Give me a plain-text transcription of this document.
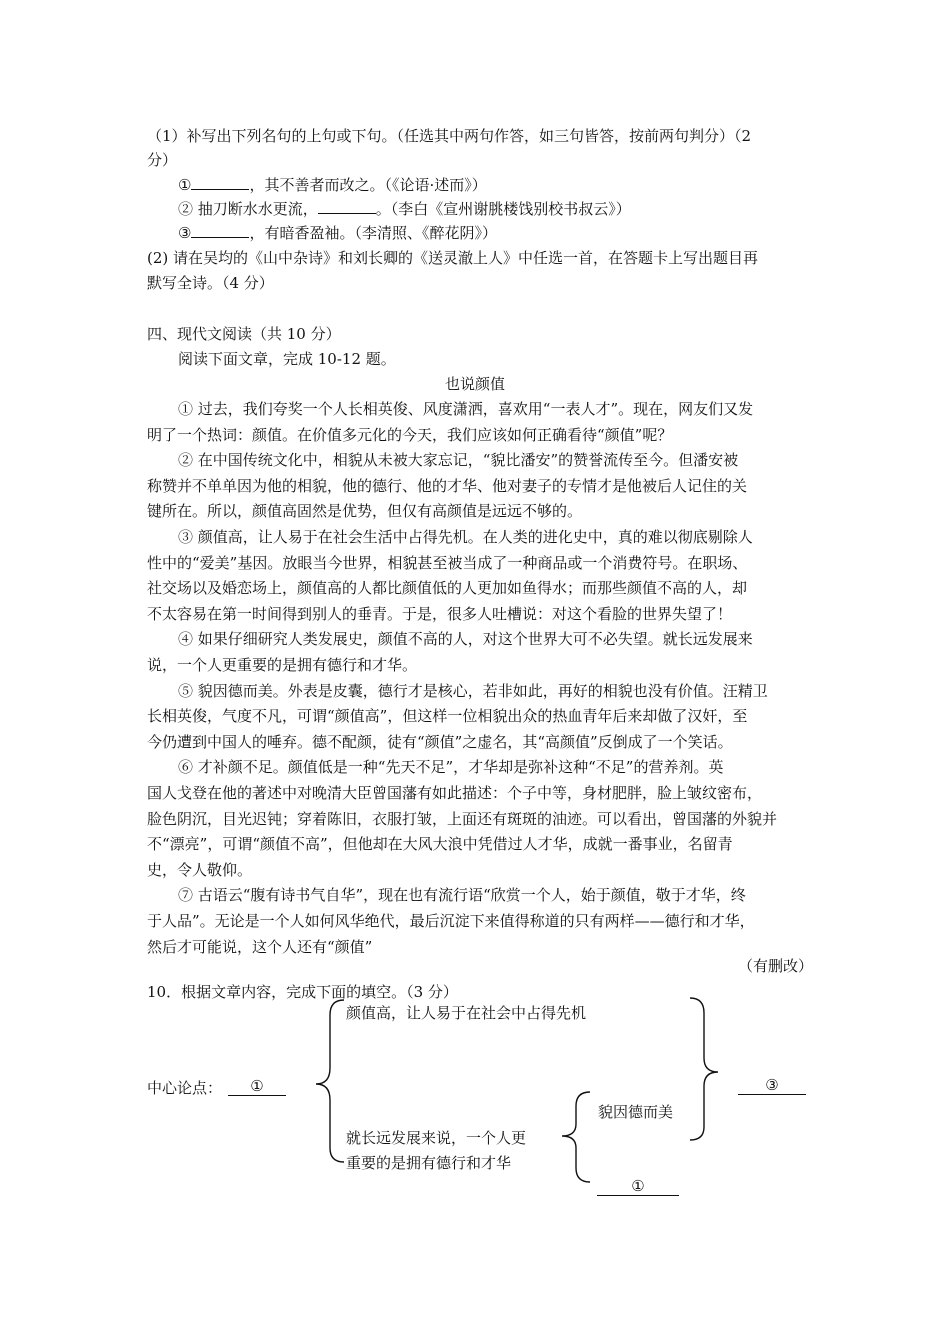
（1）补写出下列名句的上句或下句。（任选其中两句作答，如三句皆答，按前两句判分）（2
分）
①	，其不善者而改之。（《论语·述而》）
② 抽刀断水水更流，	。（李白《宣州谢朓楼饯别校书叔云》）
③	，有暗香盈袖。（李清照、《醉花阴》）
(2) 请在吴均的《山中杂诗》和刘长卿的《送灵澈上人》中任选一首，在答题卡上写出题目再
默写全诗。（4 分）
四、现代文阅读（共 10 分）
阅读下面文章，完成 10-12 题。
也说颜值
① 过去，我们夸奖一个人长相英俊、风度潇洒，喜欢用“一表人才”。现在，网友们又发
明了一个热词：颜值。在价值多元化的今天，我们应该如何正确看待“颜值”呢？
② 在中国传统文化中，相貌从未被大家忘记，“貌比潘安”的赞誉流传至今。但潘安被
称赞并不单单因为他的相貌，他的德行、他的才华、他对妻子的专情才是他被后人记住的关
键所在。所以，颜值高固然是优势，但仅有高颜值是远远不够的。
③ 颜值高，让人易于在社会生活中占得先机。在人类的进化史中，真的难以彻底剔除人
性中的“爱美”基因。放眼当今世界，相貌甚至被当成了一种商品或一个消费符号。在职场、
社交场以及婚恋场上，颜值高的人都比颜值低的人更加如鱼得水；而那些颜值不高的人，却
不太容易在第一时间得到别人的垂青。于是，很多人吐槽说：对这个看脸的世界失望了！
④ 如果仔细研究人类发展史，颜值不高的人，对这个世界大可不必失望。就长远发展来
说，一个人更重要的是拥有德行和才华。
⑤ 貌因德而美。外表是皮囊，德行才是核心，若非如此，再好的相貌也没有价值。汪精卫
长相英俊，气度不凡，可谓“颜值高”，但这样一位相貌出众的热血青年后来却做了汉奸，至
今仍遭到中国人的唾弃。德不配颜，徒有“颜值”之虚名，其“高颜值”反倒成了一个笑话。
⑥ 才补颜不足。颜值低是一种“先天不足”，才华却是弥补这种“不足”的营养剂。英
国人戈登在他的著述中对晚清大臣曾国藩有如此描述：个子中等，身材肥胖，脸上皱纹密布，
脸色阴沉，目光迟钝；穿着陈旧，衣服打皱，上面还有斑斑的油迹。可以看出，曾国藩的外貌并
不“漂亮”，可谓“颜值不高”，但他却在大风大浪中凭借过人才华，成就一番事业，名留青
史，令人敬仰。
⑦ 古语云“腹有诗书气自华”，现在也有流行语“欣赏一个人，始于颜值，敬于才华，终
于人品”。无论是一个人如何风华绝代，最后沉淀下来值得称道的只有两样——德行和才华，
然后才可能说，这个人还有“颜值”
（有删改）
10．根据文章内容，完成下面的填空。（3 分）
中心论点：	①
颜值高，让人易于在社会中占得先机
就长远发展来说，一个人更
重要的是拥有德行和才华
貌因德而美
①
③
